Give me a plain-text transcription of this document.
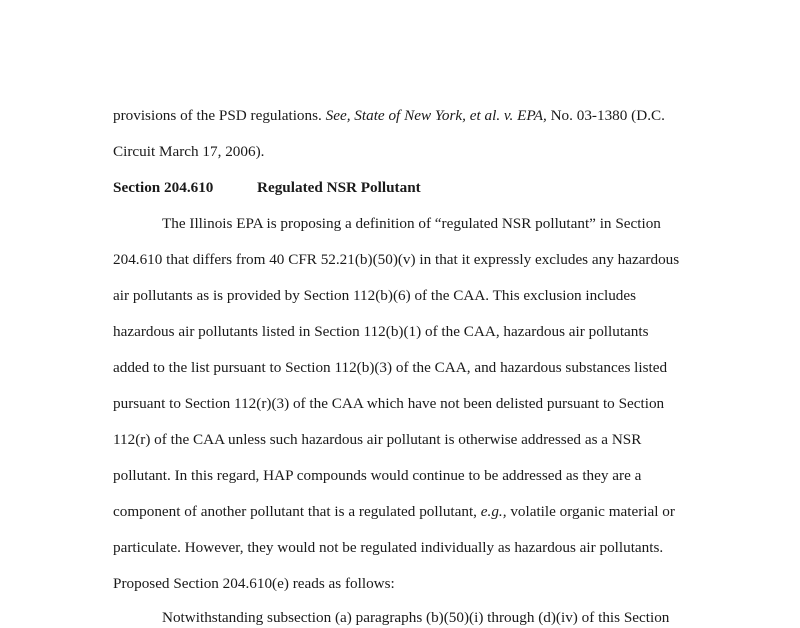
provisions of the PSD regulations. See, State of New York, et al. v. EPA, No. 03-1380 (D.C.
Circuit March 17, 2006).
Section 204.610	Regulated NSR Pollutant
The Illinois EPA is proposing a definition of “regulated NSR pollutant” in Section
204.610 that differs from 40 CFR 52.21(b)(50)(v) in that it expressly excludes any hazardous
air pollutants as is provided by Section 112(b)(6) of the CAA. This exclusion includes
hazardous air pollutants listed in Section 112(b)(1) of the CAA, hazardous air pollutants
added to the list pursuant to Section 112(b)(3) of the CAA, and hazardous substances listed
pursuant to Section 112(r)(3) of the CAA which have not been delisted pursuant to Section
112(r) of the CAA unless such hazardous air pollutant is otherwise addressed as a NSR
pollutant. In this regard, HAP compounds would continue to be addressed as they are a
component of another pollutant that is a regulated pollutant, e.g., volatile organic material or
particulate. However, they would not be regulated individually as hazardous air pollutants.
Proposed Section 204.610(e) reads as follows:
Notwithstanding subsection (a) paragraphs (b)(50)(i) through (d)(iv) of this Section
